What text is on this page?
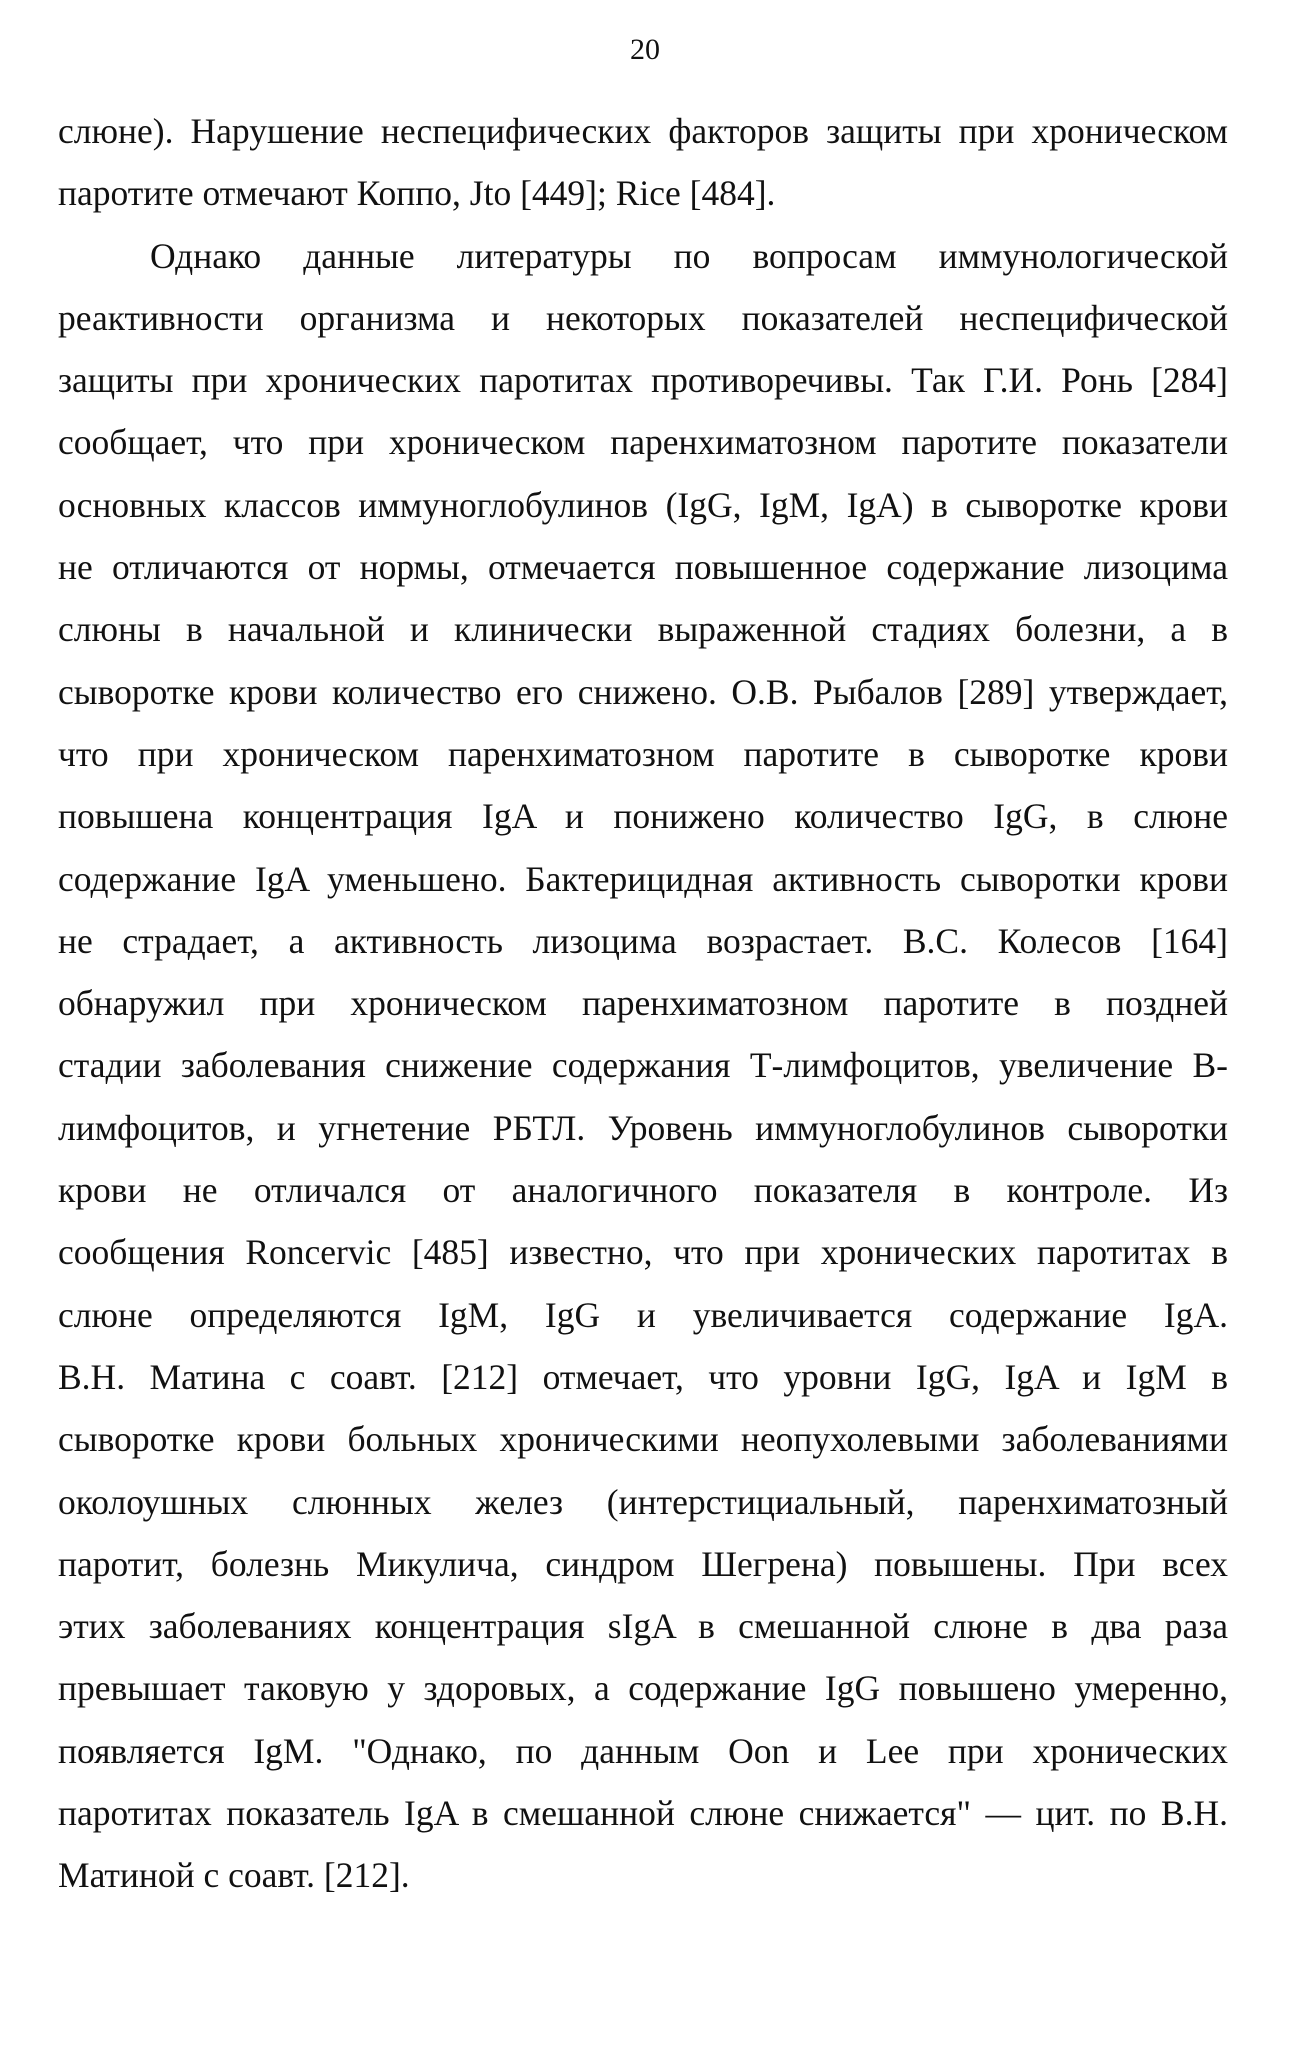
20
слюне). Нарушение неспецифических факторов защиты при хроническом
паротите отмечают Коппо, Jto [449]; Rice [484].
Однако данные литературы по вопросам иммунологической
реактивности организма и некоторых показателей неспецифической
защиты при хронических паротитах противоречивы. Так Г.И. Ронь [284]
сообщает, что при хроническом паренхиматозном паротите показатели
основных классов иммуноглобулинов (IgG, IgM, IgA) в сыворотке крови
не отличаются от нормы, отмечается повышенное содержание лизоцима
слюны в начальной и клинически выраженной стадиях болезни, а в
сыворотке крови количество его снижено. О.В. Рыбалов [289] утверждает,
что при хроническом паренхиматозном паротите в сыворотке крови
повышена концентрация IgA и понижено количество IgG, в слюне
содержание IgA уменьшено. Бактерицидная активность сыворотки крови
не страдает, а активность лизоцима возрастает. В.С. Колесов [164]
обнаружил при хроническом паренхиматозном паротите в поздней
стадии заболевания снижение содержания Т-лимфоцитов, увеличение В-
лимфоцитов, и угнетение РБТЛ. Уровень иммуноглобулинов сыворотки
крови не отличался от аналогичного показателя в контроле. Из
сообщения Roncervic [485] известно, что при хронических паротитах в
слюне определяются IgM, IgG и увеличивается содержание IgA.
В.Н. Матина с соавт. [212] отмечает, что уровни IgG, IgA и IgM в
сыворотке крови больных хроническими неопухолевыми заболеваниями
околоушных слюнных желез (интерстициальный, паренхиматозный
паротит, болезнь Микулича, синдром Шегрена) повышены. При всех
этих заболеваниях концентрация sIgA в смешанной слюне в два раза
превышает таковую у здоровых, а содержание IgG повышено умеренно,
появляется IgM. "Однако, по данным Oon и Lee при хронических
паротитах показатель IgA в смешанной слюне снижается" — цит. по В.Н.
Матиной с соавт. [212].
